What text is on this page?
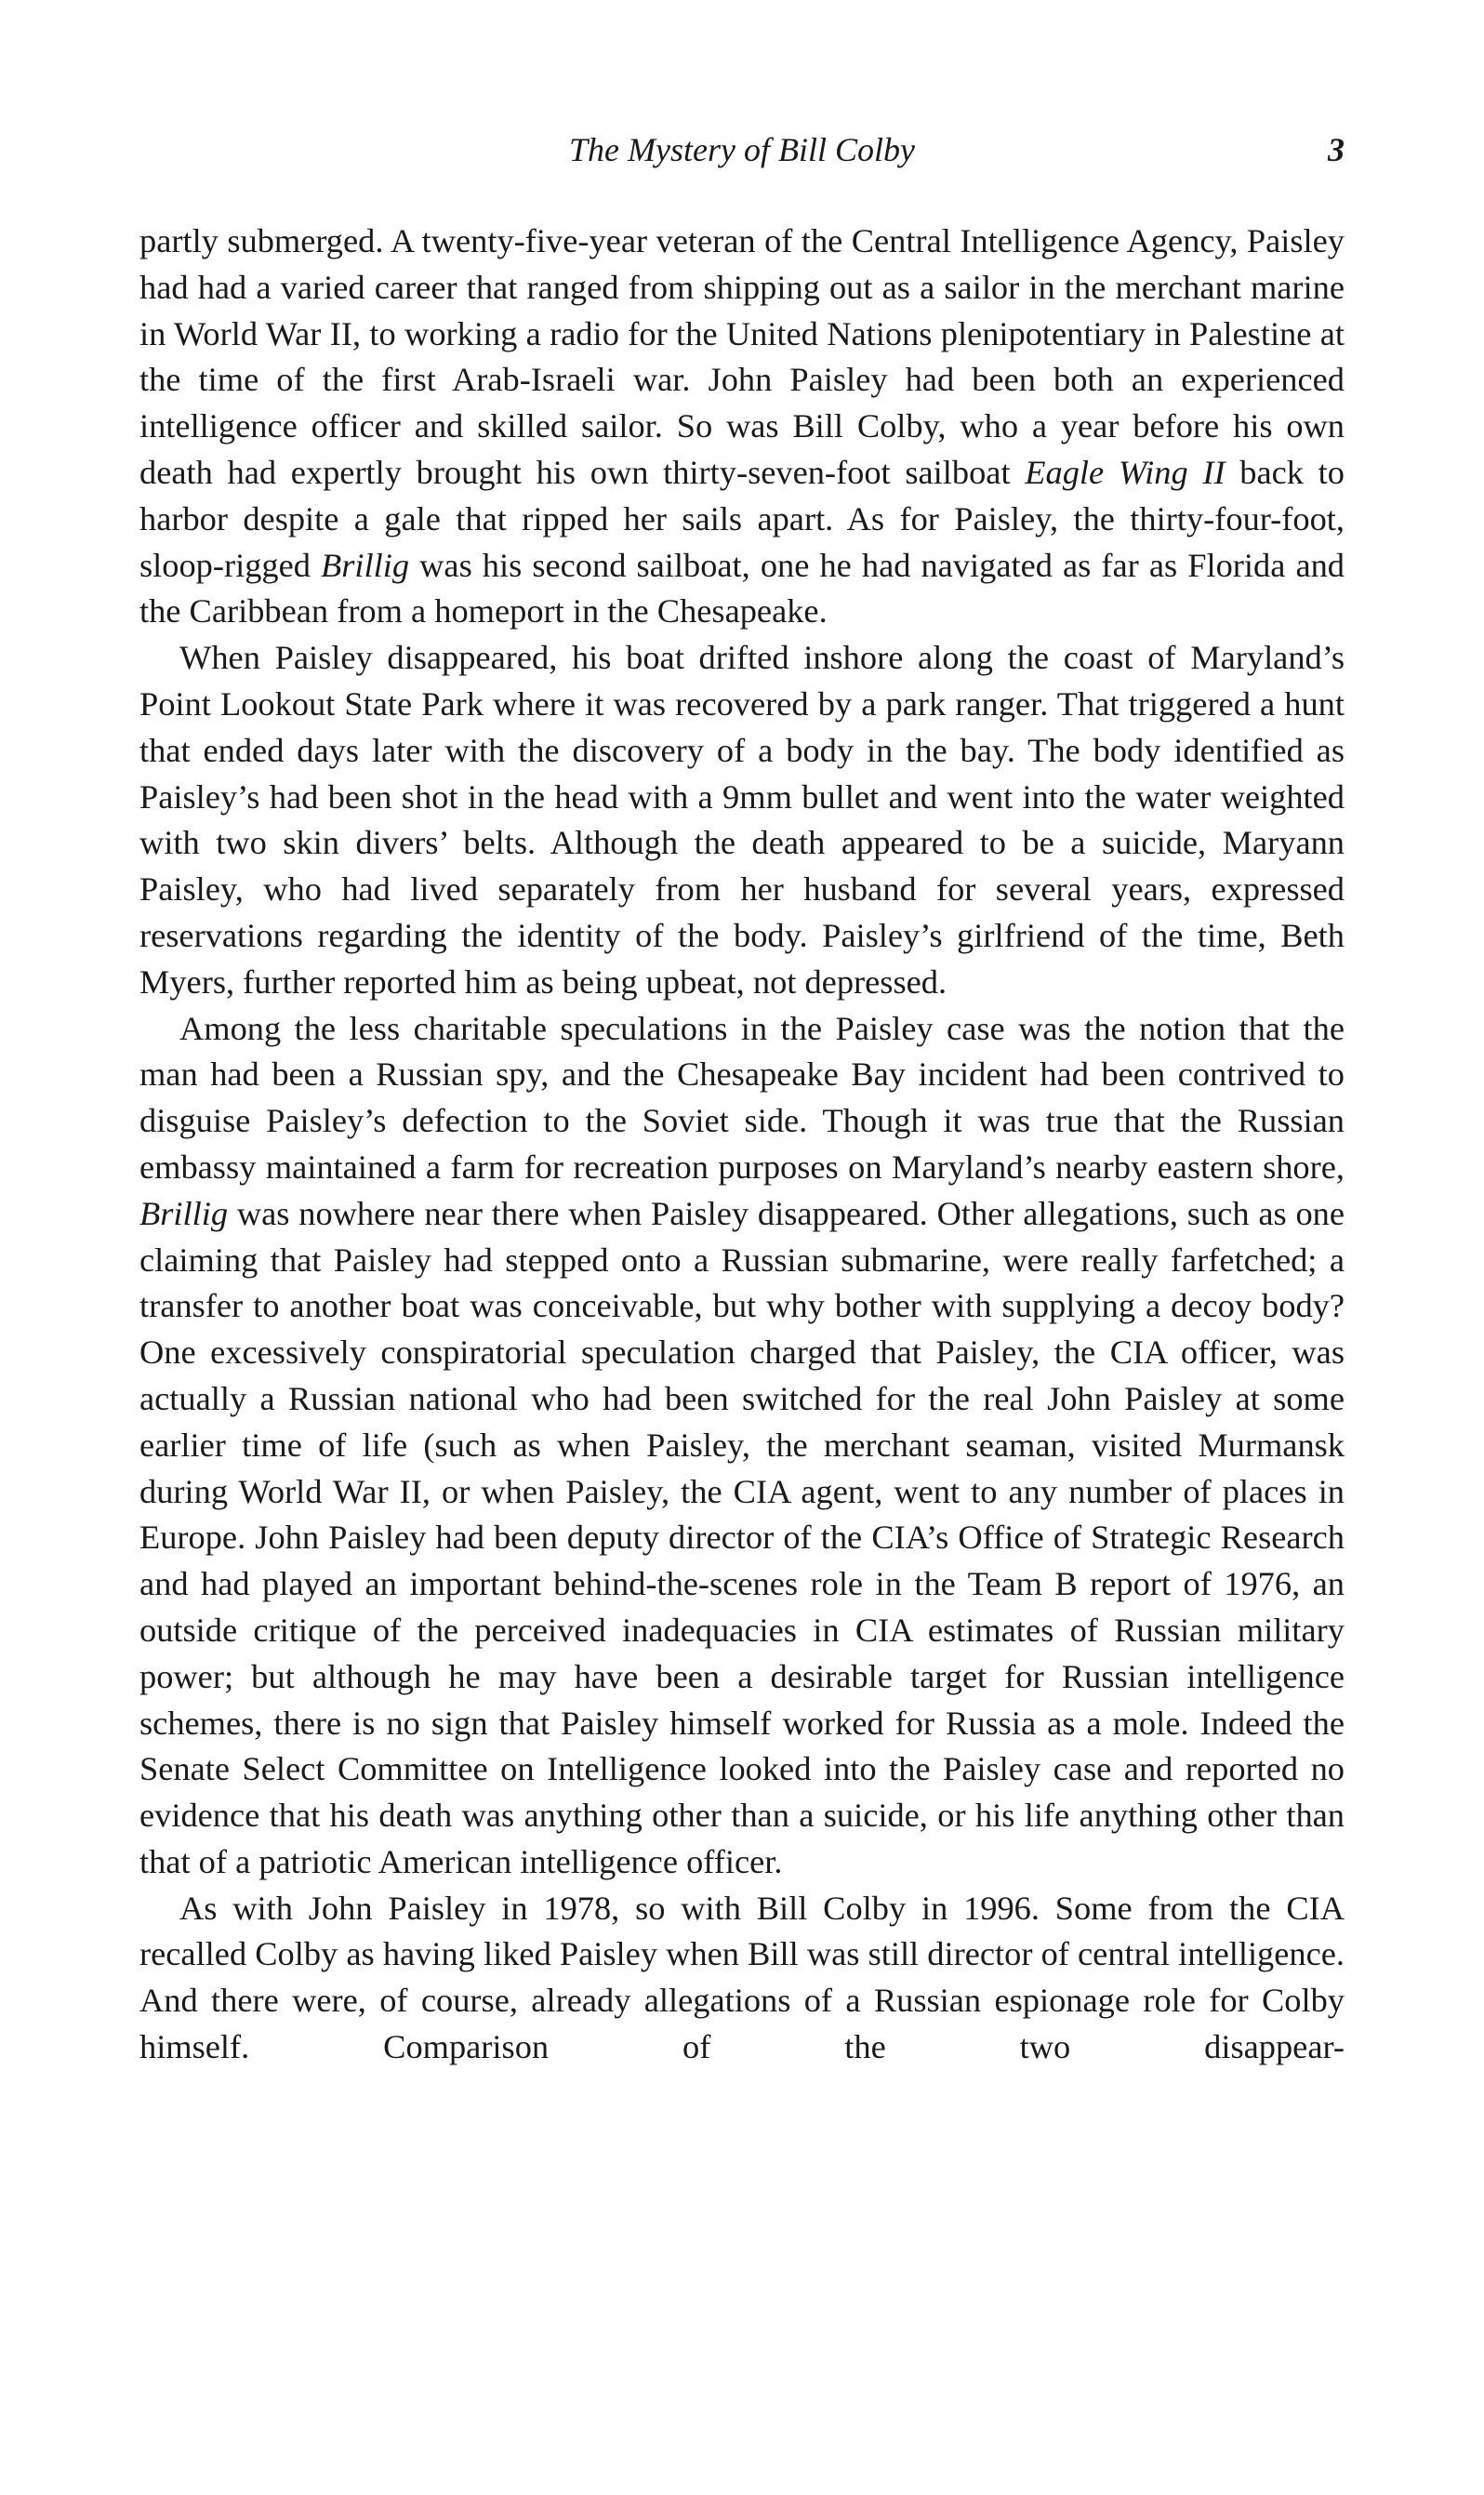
The Mystery of Bill Colby	3

partly submerged. A twenty-five-year veteran of the Central Intelligence Agency, Paisley had had a varied career that ranged from shipping out as a sailor in the merchant marine in World War II, to working a radio for the United Nations plenipotentiary in Palestine at the time of the first Arab-Israeli war. John Paisley had been both an experienced intelligence officer and skilled sailor. So was Bill Colby, who a year before his own death had expertly brought his own thirty-seven-foot sailboat Eagle Wing II back to harbor despite a gale that ripped her sails apart. As for Paisley, the thirty-four-foot, sloop-rigged Brillig was his second sailboat, one he had navigated as far as Florida and the Caribbean from a homeport in the Chesapeake.

When Paisley disappeared, his boat drifted inshore along the coast of Maryland’s Point Lookout State Park where it was recovered by a park ranger. That triggered a hunt that ended days later with the discovery of a body in the bay. The body identified as Paisley’s had been shot in the head with a 9mm bullet and went into the water weighted with two skin divers’ belts. Although the death appeared to be a suicide, Maryann Paisley, who had lived separately from her husband for several years, expressed reservations regarding the identity of the body. Paisley’s girlfriend of the time, Beth Myers, further reported him as being upbeat, not depressed.

Among the less charitable speculations in the Paisley case was the notion that the man had been a Russian spy, and the Chesapeake Bay incident had been contrived to disguise Paisley’s defection to the Soviet side. Though it was true that the Russian embassy maintained a farm for recreation purposes on Maryland’s nearby eastern shore, Brillig was nowhere near there when Paisley disappeared. Other allegations, such as one claiming that Paisley had stepped onto a Russian submarine, were really farfetched; a transfer to another boat was conceivable, but why bother with supplying a decoy body? One excessively conspiratorial speculation charged that Paisley, the CIA officer, was actually a Russian national who had been switched for the real John Paisley at some earlier time of life (such as when Paisley, the merchant seaman, visited Murmansk during World War II, or when Paisley, the CIA agent, went to any number of places in Europe. John Paisley had been deputy director of the CIA’s Office of Strategic Research and had played an important behind-the-scenes role in the Team B report of 1976, an outside critique of the perceived inadequacies in CIA estimates of Russian military power; but although he may have been a desirable target for Russian intelligence schemes, there is no sign that Paisley himself worked for Russia as a mole. Indeed the Senate Select Committee on Intelligence looked into the Paisley case and reported no evidence that his death was anything other than a suicide, or his life anything other than that of a patriotic American intelligence officer.

As with John Paisley in 1978, so with Bill Colby in 1996. Some from the CIA recalled Colby as having liked Paisley when Bill was still director of central intelligence. And there were, of course, already allegations of a Russian espionage role for Colby himself. Comparison of the two disappear-
